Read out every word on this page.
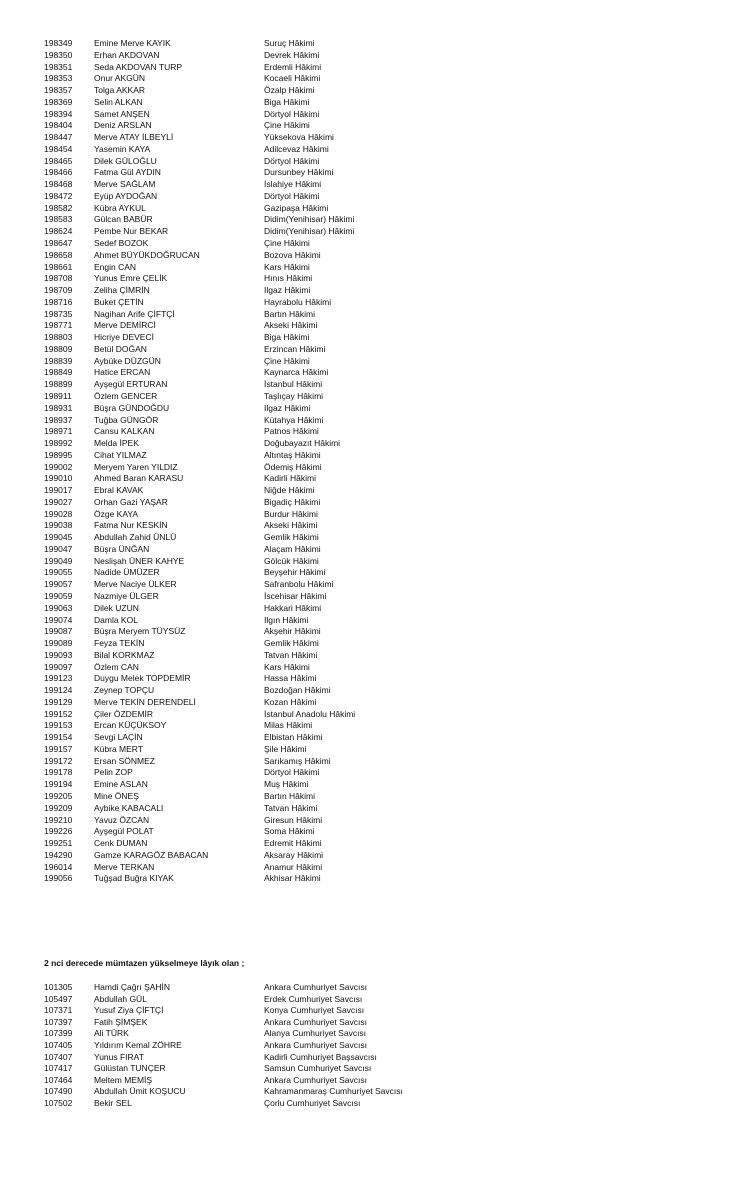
198349	Emine Merve KAYIK	Suruç Hâkimi
198350	Erhan AKDOVAN	Devrek Hâkimi
198351	Seda AKDOVAN TURP	Erdemli Hâkimi
198353	Onur AKGÜN	Kocaeli Hâkimi
198357	Tolga AKKAR	Özalp Hâkimi
198369	Selin ALKAN	Biga Hâkimi
198394	Samet ANŞEN	Dörtyol Hâkimi
198404	Deniz ARSLAN	Çine Hâkimi
198447	Merve ATAY İLBEYLİ	Yüksekova Hâkimi
198454	Yasemin KAYA	Adilcevaz Hâkimi
198465	Dilek GÜLOĞLU	Dörtyol Hâkimi
198466	Fatma Gül AYDIN	Dursunbey Hâkimi
198468	Merve SAĞLAM	İslahiye Hâkimi
198472	Eyüp AYDOĞAN	Dörtyol Hâkimi
198582	Kübra AYKUL	Gazipaşa Hâkimi
198583	Gülcan BABÜR	Didim(Yenihisar) Hâkimi
198624	Pembe Nur BEKAR	Didim(Yenihisar) Hâkimi
198647	Sedef BOZOK	Çine Hâkimi
198658	Ahmet BÜYÜKDOĞRUCAN	Bozova Hâkimi
198661	Engin CAN	Kars Hâkimi
198708	Yunus Emre ÇELİK	Hınıs Hâkimi
198709	Zeliha ÇİMRİN	Ilgaz Hâkimi
198716	Buket ÇETİN	Hayrabolu Hâkimi
198735	Nagihan Arife ÇİFTÇİ	Bartın Hâkimi
198771	Merve DEMİRCİ	Akseki Hâkimi
198803	Hicriye DEVECİ	Biga Hâkimi
198809	Betül DOĞAN	Erzincan Hâkimi
198839	Aybüke DÜZGÜN	Çine Hâkimi
198849	Hatice ERCAN	Kaynarca Hâkimi
198899	Ayşegül ERTURAN	İstanbul Hâkimi
198911	Özlem GENCER	Taşlıçay Hâkimi
198931	Büşra GÜNDOĞDU	Ilgaz Hâkimi
198937	Tuğba GÜNGÖR	Kütahya Hâkimi
198971	Cansu KALKAN	Patnos Hâkimi
198992	Melda İPEK	Doğubayazıt Hâkimi
198995	Cihat YILMAZ	Altıntaş Hâkimi
199002	Meryem Yaren YILDIZ	Ödemiş Hâkimi
199010	Ahmed Baran KARASU	Kadirli Hâkimi
199017	Ebral KAVAK	Niğde Hâkimi
199027	Orhan Gazi YAŞAR	Bigadiç Hâkimi
199028	Özge KAYA	Burdur Hâkimi
199038	Fatma Nur KESKİN	Akseki Hâkimi
199045	Abdullah Zahid ÜNLÜ	Gemlik Hâkimi
199047	Büşra ÜNĞAN	Alaçam Hâkimi
199049	Neslişah ÜNER KAHYE	Gölcük Hâkimi
199055	Nadide ÜMÜZER	Beyşehir Hâkimi
199057	Merve Naciye ÜLKER	Safranbolu Hâkimi
199059	Nazmiye ÜLGER	İscehisar Hâkimi
199063	Dilek UZUN	Hakkari Hâkimi
199074	Damla KOL	Ilgın Hâkimi
199087	Büşra Meryem TÜYSÜZ	Akşehir Hâkimi
199089	Feyza TEKİN	Gemlik Hâkimi
199093	Bilal KORKMAZ	Tatvan Hâkimi
199097	Özlem CAN	Kars Hâkimi
199123	Duygu Melek TOPDEMİR	Hassa Hâkimi
199124	Zeynep TOPÇU	Bozdoğan Hâkimi
199129	Merve TEKİN DERENDELİ	Kozan Hâkimi
199152	Çiler ÖZDEMİR	İstanbul Anadolu Hâkimi
199153	Ercan KÜÇÜKSOY	Milas Hâkimi
199154	Sevgi LAÇİN	Elbistan Hâkimi
199157	Kübra MERT	Şile Hâkimi
199172	Ersan SÖNMEZ	Sarıkamış Hâkimi
199178	Pelin ZOP	Dörtyol Hâkimi
199194	Emine ASLAN	Muş Hâkimi
199205	Mine ÖNEŞ	Bartın Hâkimi
199209	Aybike KABACALI	Tatvan Hâkimi
199210	Yavuz ÖZCAN	Giresun Hâkimi
199226	Ayşegül POLAT	Soma Hâkimi
199251	Cenk DUMAN	Edremit Hâkimi
194290	Gamze KARAGÖZ BABACAN	Aksaray Hâkimi
196014	Merve TERKAN	Anamur Hâkimi
199056	Tuğşad Buğra KIYAK	Akhisar Hâkimi
2 nci derecede mümtazen yükselmeye lâyık olan ;
101305	Hamdi Çağrı ŞAHİN	Ankara Cumhuriyet Savcısı
105497	Abdullah GÜL	Erdek Cumhuriyet Savcısı
107371	Yusuf Ziya ÇİFTÇİ	Konya Cumhuriyet Savcısı
107397	Fatih ŞİMŞEK	Ankara Cumhuriyet Savcısı
107399	Ali TÜRK	Alanya Cumhuriyet Savcısı
107405	Yıldırım Kemal ZÖHRE	Ankara Cumhuriyet Savcısı
107407	Yunus FIRAT	Kadirli Cumhuriyet Başsavcısı
107417	Gülüstan TUNÇER	Samsun Cumhuriyet Savcısı
107464	Meltem MEMİŞ	Ankara Cumhuriyet Savcısı
107490	Abdullah Ümit KOŞUCU	Kahramanmaraş Cumhuriyet Savcısı
107502	Bekir SEL	Çorlu Cumhuriyet Savcısı
